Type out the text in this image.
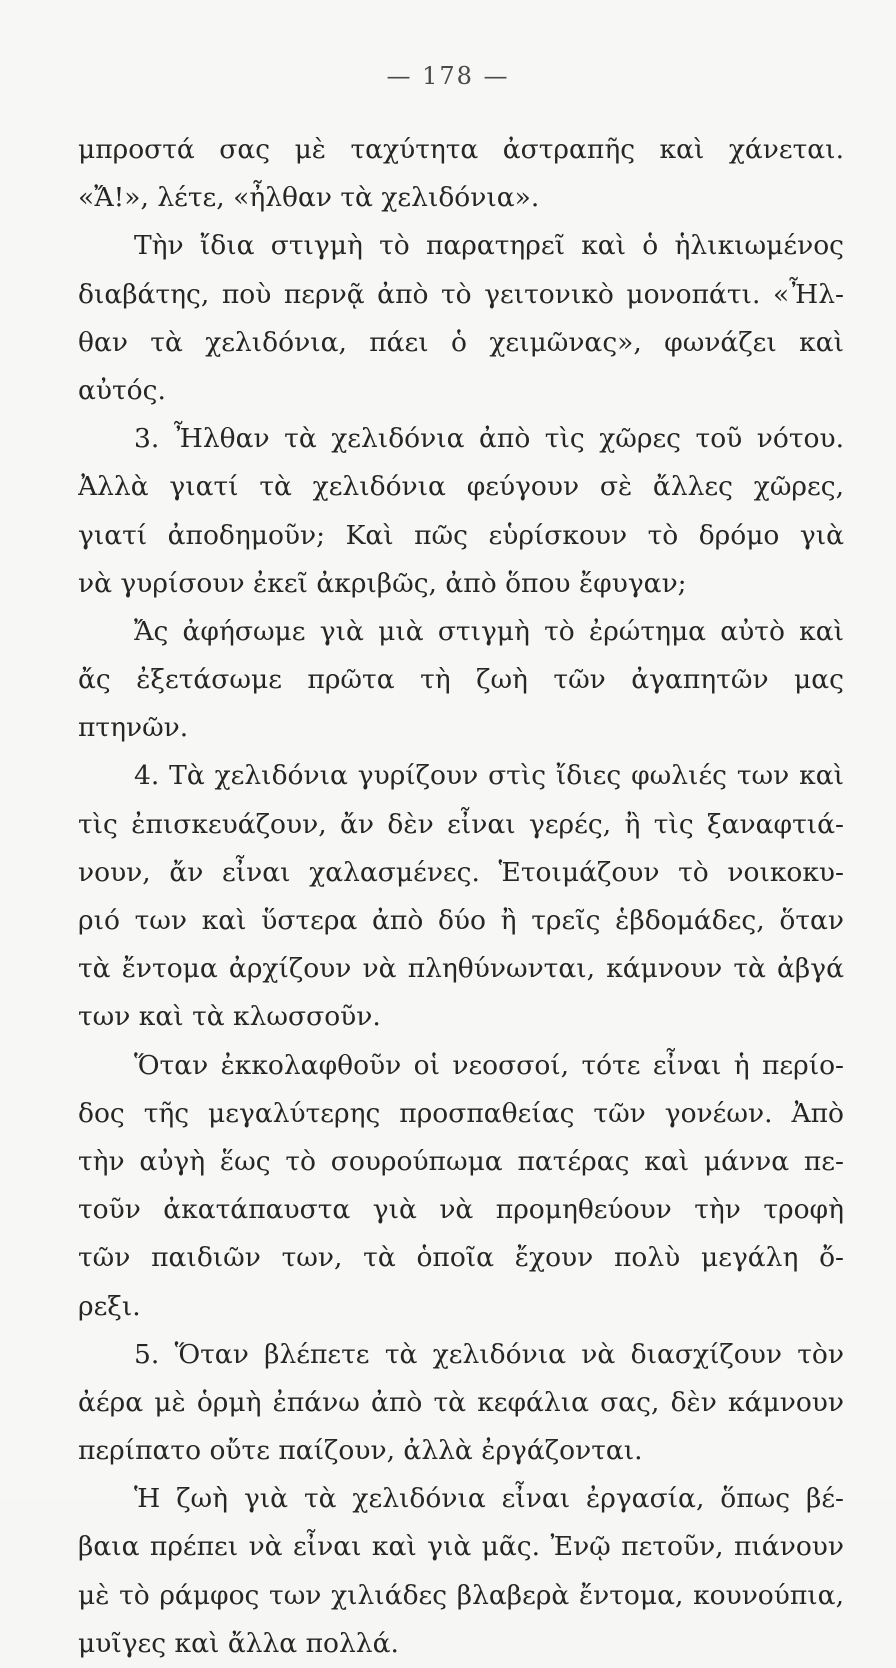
— 178 —
μπροστά σας μὲ ταχύτητα ἀστραπῆς καὶ χάνεται.
«Ἄ!», λέτε, «ἦλθαν τὰ χελιδόνια».
Τὴν ἴδια στιγμὴ τὸ παρατηρεῖ καὶ ὁ ἡλικιωμένος
διαβάτης, ποὺ περνᾷ ἀπὸ τὸ γειτονικὸ μονοπάτι. «Ἦλ-
θαν τὰ χελιδόνια, πάει ὁ χειμῶνας», φωνάζει καὶ
αὐτός.
3. Ἦλθαν τὰ χελιδόνια ἀπὸ τὶς χῶρες τοῦ νότου.
Ἀλλὰ γιατί τὰ χελιδόνια φεύγουν σὲ ἄλλες χῶρες,
γιατί ἀποδημοῦν; Καὶ πῶς εὑρίσκουν τὸ δρόμο γιὰ
νὰ γυρίσουν ἐκεῖ ἀκριβῶς, ἀπὸ ὅπου ἔφυγαν;
Ἄς ἀφήσωμε γιὰ μιὰ στιγμὴ τὸ ἐρώτημα αὐτὸ καὶ
ἄς ἐξετάσωμε πρῶτα τὴ ζωὴ τῶν ἀγαπητῶν μας
πτηνῶν.
4. Τὰ χελιδόνια γυρίζουν στὶς ἴδιες φωλιές των καὶ
τὶς ἐπισκευάζουν, ἄν δὲν εἶναι γερές, ἢ τὶς ξαναφτιά-
νουν, ἄν εἶναι χαλασμένες. Ἑτοιμάζουν τὸ νοικοκυ-
ριό των καὶ ὕστερα ἀπὸ δύο ἢ τρεῖς ἑβδομάδες, ὅταν
τὰ ἔντομα ἀρχίζουν νὰ πληθύνωνται, κάμνουν τὰ ἀβγά
των καὶ τὰ κλωσσοῦν.
Ὅταν ἐκκολαφθοῦν οἱ νεοσσοί, τότε εἶναι ἡ περίο-
δος τῆς μεγαλύτερης προσπαθείας τῶν γονέων. Ἀπὸ
τὴν αὐγὴ ἕως τὸ σουρούπωμα πατέρας καὶ μάννα πε-
τοῦν ἀκατάπαυστα γιὰ νὰ προμηθεύουν τὴν τροφὴ
τῶν παιδιῶν των, τὰ ὁποῖα ἔχουν πολὺ μεγάλη ὄ-
ρεξι.
5. Ὅταν βλέπετε τὰ χελιδόνια νὰ διασχίζουν τὸν
ἀέρα μὲ ὁρμὴ ἐπάνω ἀπὸ τὰ κεφάλια σας, δὲν κάμνουν
περίπατο οὔτε παίζουν, ἀλλὰ ἐργάζονται.
Ἡ ζωὴ γιὰ τὰ χελιδόνια εἶναι ἐργασία, ὅπως βέ-
βαια πρέπει νὰ εἶναι καὶ γιὰ μᾶς. Ἐνῷ πετοῦν, πιάνουν
μὲ τὸ ράμφος των χιλιάδες βλαβερὰ ἔντομα, κουνούπια,
μυῖγες καὶ ἄλλα πολλά.
